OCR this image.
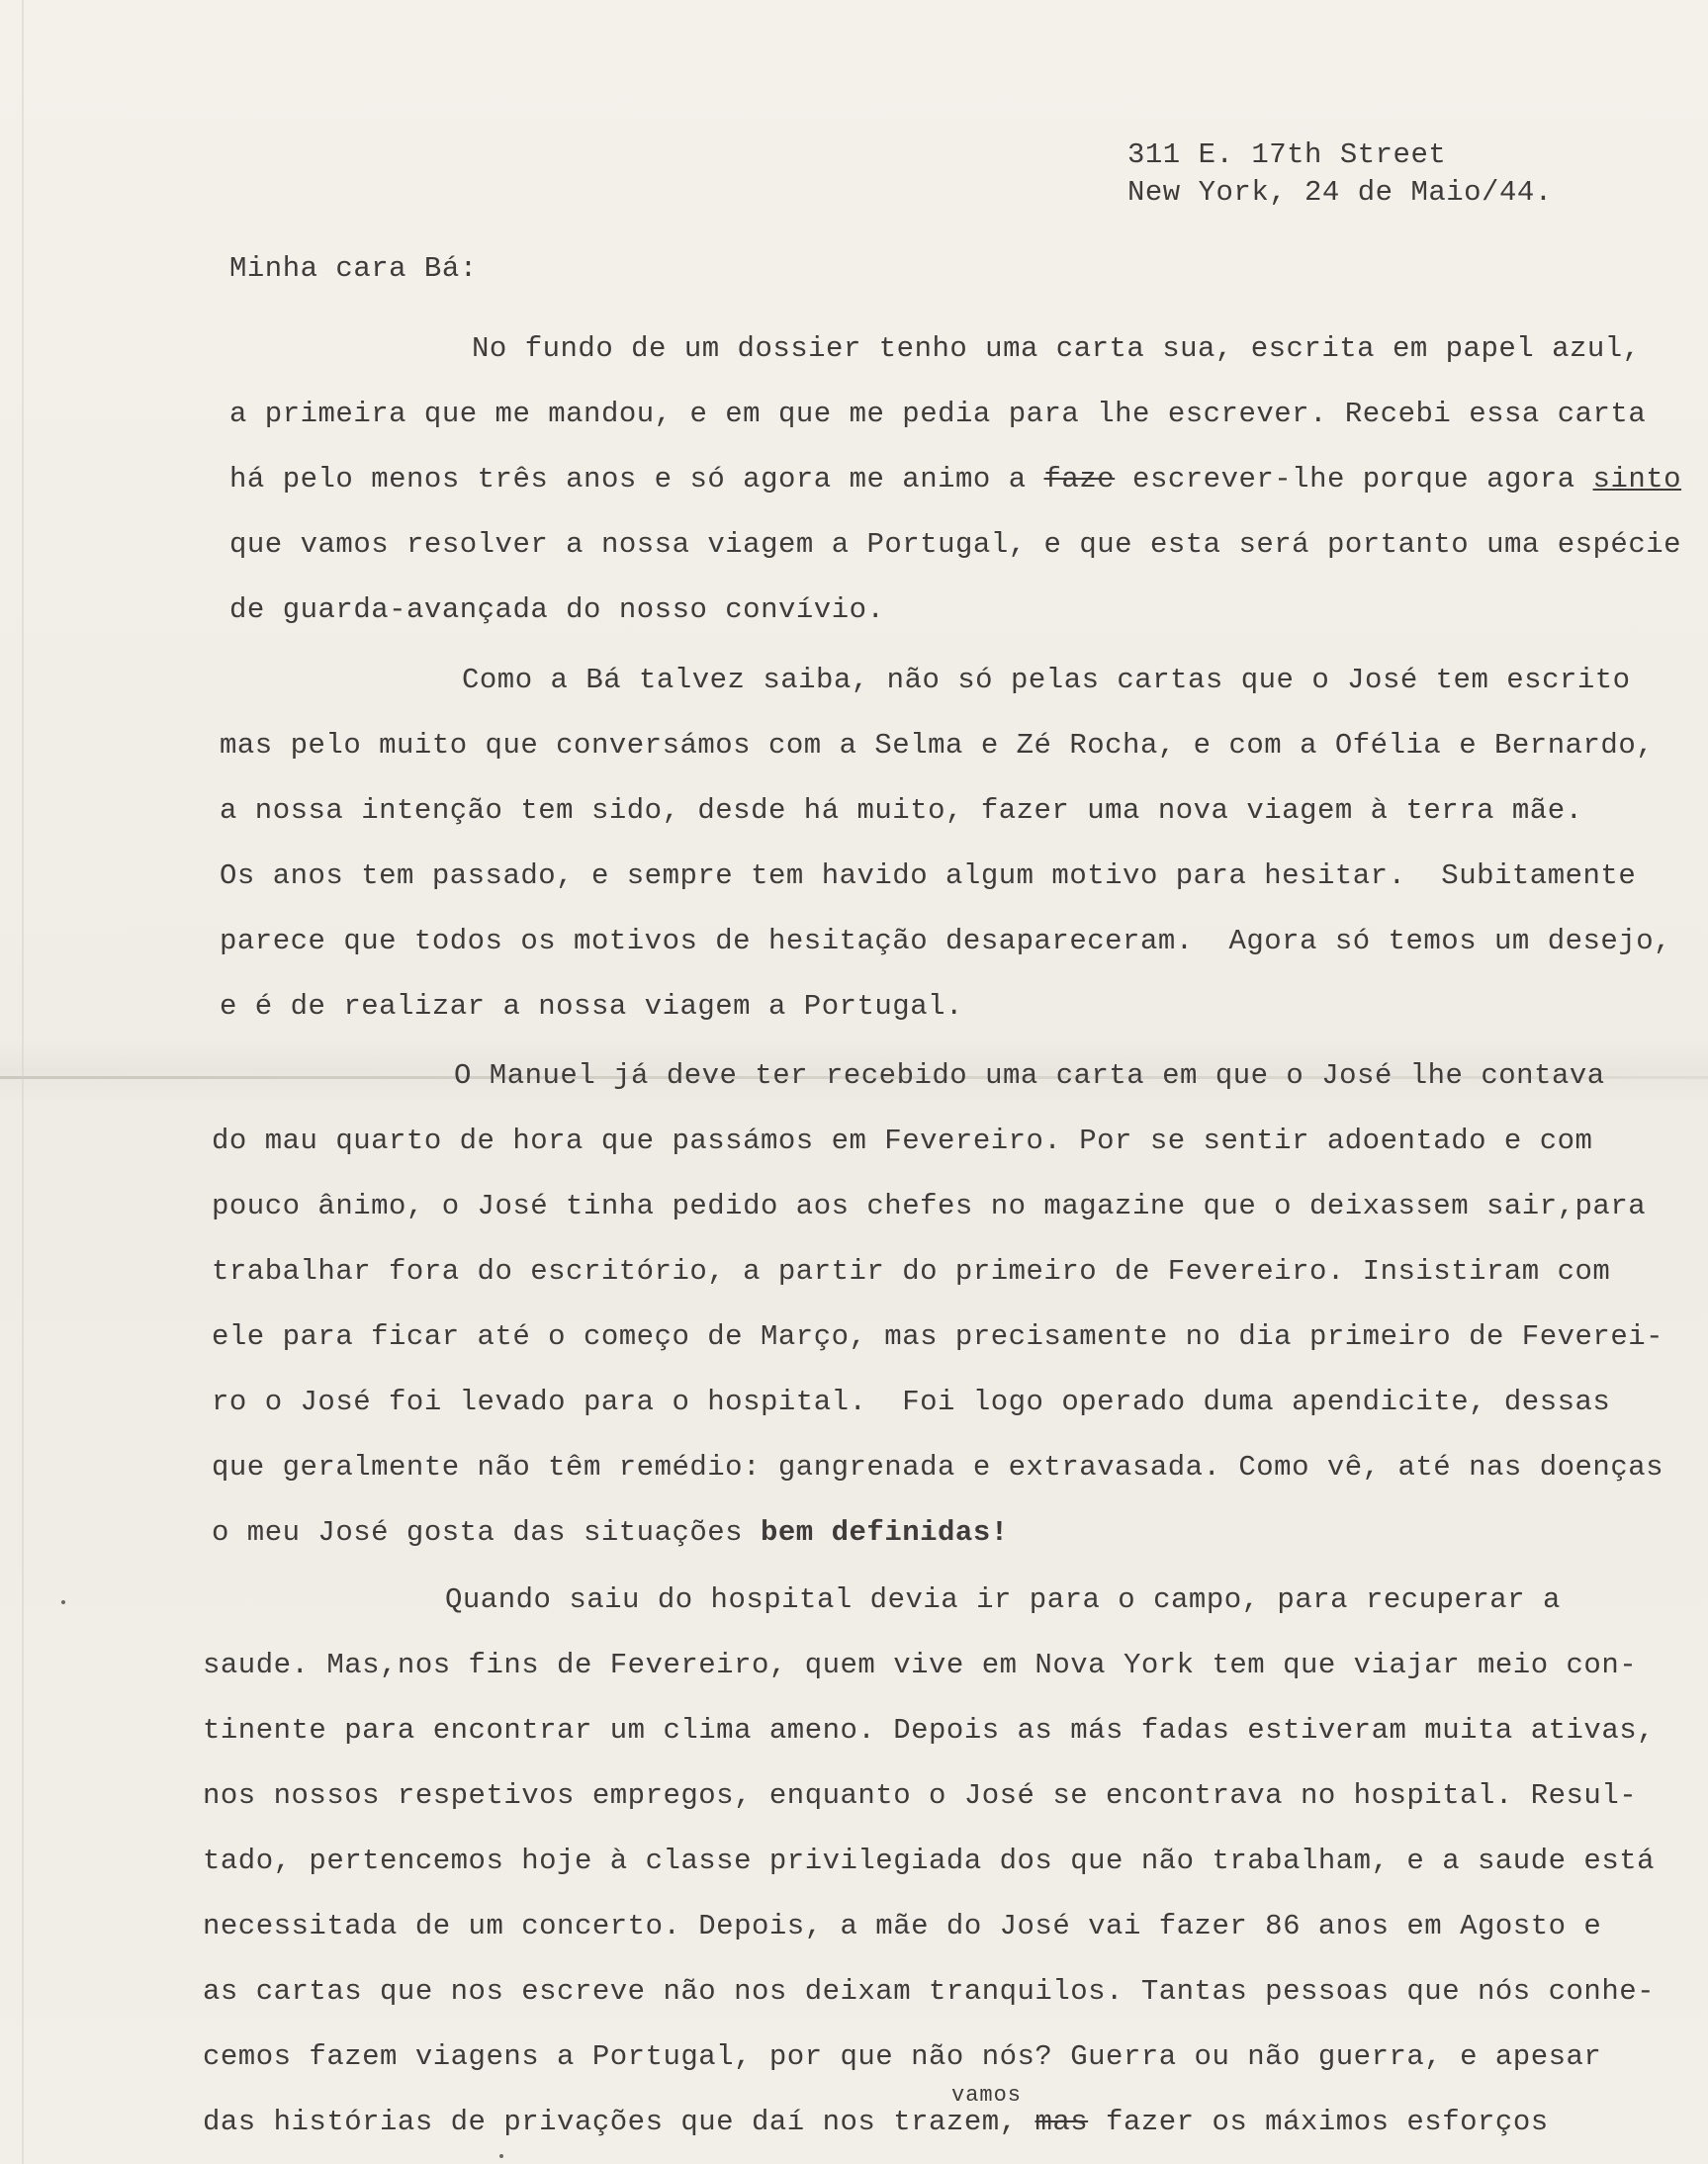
311 E. 17th Street
New York, 24 de Maio/44.
Minha cara Bá:
No fundo de um dossier tenho uma carta sua, escrita em papel azul,
a primeira que me mandou, e em que me pedia para lhe escrever. Recebi essa carta
há pelo menos três anos e só agora me animo a faze escrever-lhe porque agora sinto
que vamos resolver a nossa viagem a Portugal, e que esta será portanto uma espécie
de guarda-avançada do nosso convívio.
Como a Bá talvez saiba, não só pelas cartas que o José tem escrito
mas pelo muito que conversámos com a Selma e Zé Rocha, e com a Ofélia e Bernardo,
a nossa intenção tem sido, desde há muito, fazer uma nova viagem à terra mãe.
Os anos tem passado, e sempre tem havido algum motivo para hesitar.  Subitamente
parece que todos os motivos de hesitação desapareceram.  Agora só temos um desejo,
e é de realizar a nossa viagem a Portugal.
O Manuel já deve ter recebido uma carta em que o José lhe contava
do mau quarto de hora que passámos em Fevereiro. Por se sentir adoentado e com
pouco ânimo, o José tinha pedido aos chefes no magazine que o deixassem sair,para
trabalhar fora do escritório, a partir do primeiro de Fevereiro. Insistiram com
ele para ficar até o começo de Março, mas precisamente no dia primeiro de Feverei-
ro o José foi levado para o hospital.  Foi logo operado duma apendicite, dessas
que geralmente não têm remédio: gangrenada e extravasada. Como vê, até nas doenças
o meu José gosta das situações bem definidas!
Quando saiu do hospital devia ir para o campo, para recuperar a
saude. Mas,nos fins de Fevereiro, quem vive em Nova York tem que viajar meio con-
tinente para encontrar um clima ameno. Depois as más fadas estiveram muita ativas,
nos nossos respetivos empregos, enquanto o José se encontrava no hospital. Resul-
tado, pertencemos hoje à classe privilegiada dos que não trabalham, e a saude está
necessitada de um concerto. Depois, a mãe do José vai fazer 86 anos em Agosto e
as cartas que nos escreve não nos deixam tranquilos. Tantas pessoas que nós conhe-
cemos fazem viagens a Portugal, por que não nós? Guerra ou não guerra, e apesar
das histórias de privações que daí nos trazem, mas fazer os máximos esforços
vamos
